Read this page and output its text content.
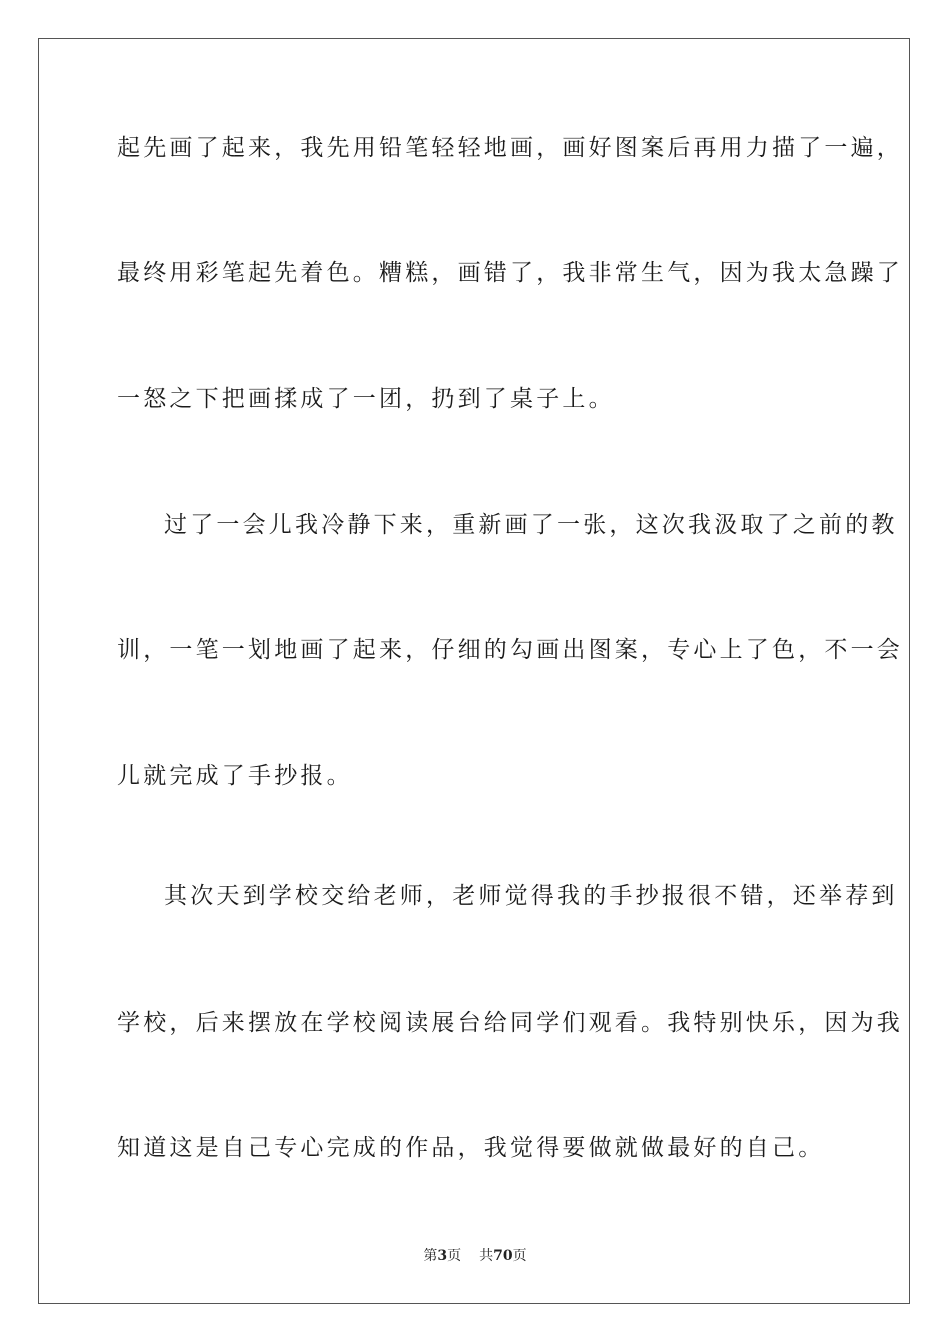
起先画了起来，我先用铅笔轻轻地画，画好图案后再用力描了一遍，
最终用彩笔起先着色。糟糕，画错了，我非常生气，因为我太急躁了
一怒之下把画揉成了一团，扔到了桌子上。
过了一会儿我冷静下来，重新画了一张，这次我汲取了之前的教
训，一笔一划地画了起来，仔细的勾画出图案，专心上了色，不一会
儿就完成了手抄报。
其次天到学校交给老师，老师觉得我的手抄报很不错，还举荐到
学校，后来摆放在学校阅读展台给同学们观看。我特别快乐，因为我
知道这是自己专心完成的作品，我觉得要做就做最好的自己。
第3页 共70页
